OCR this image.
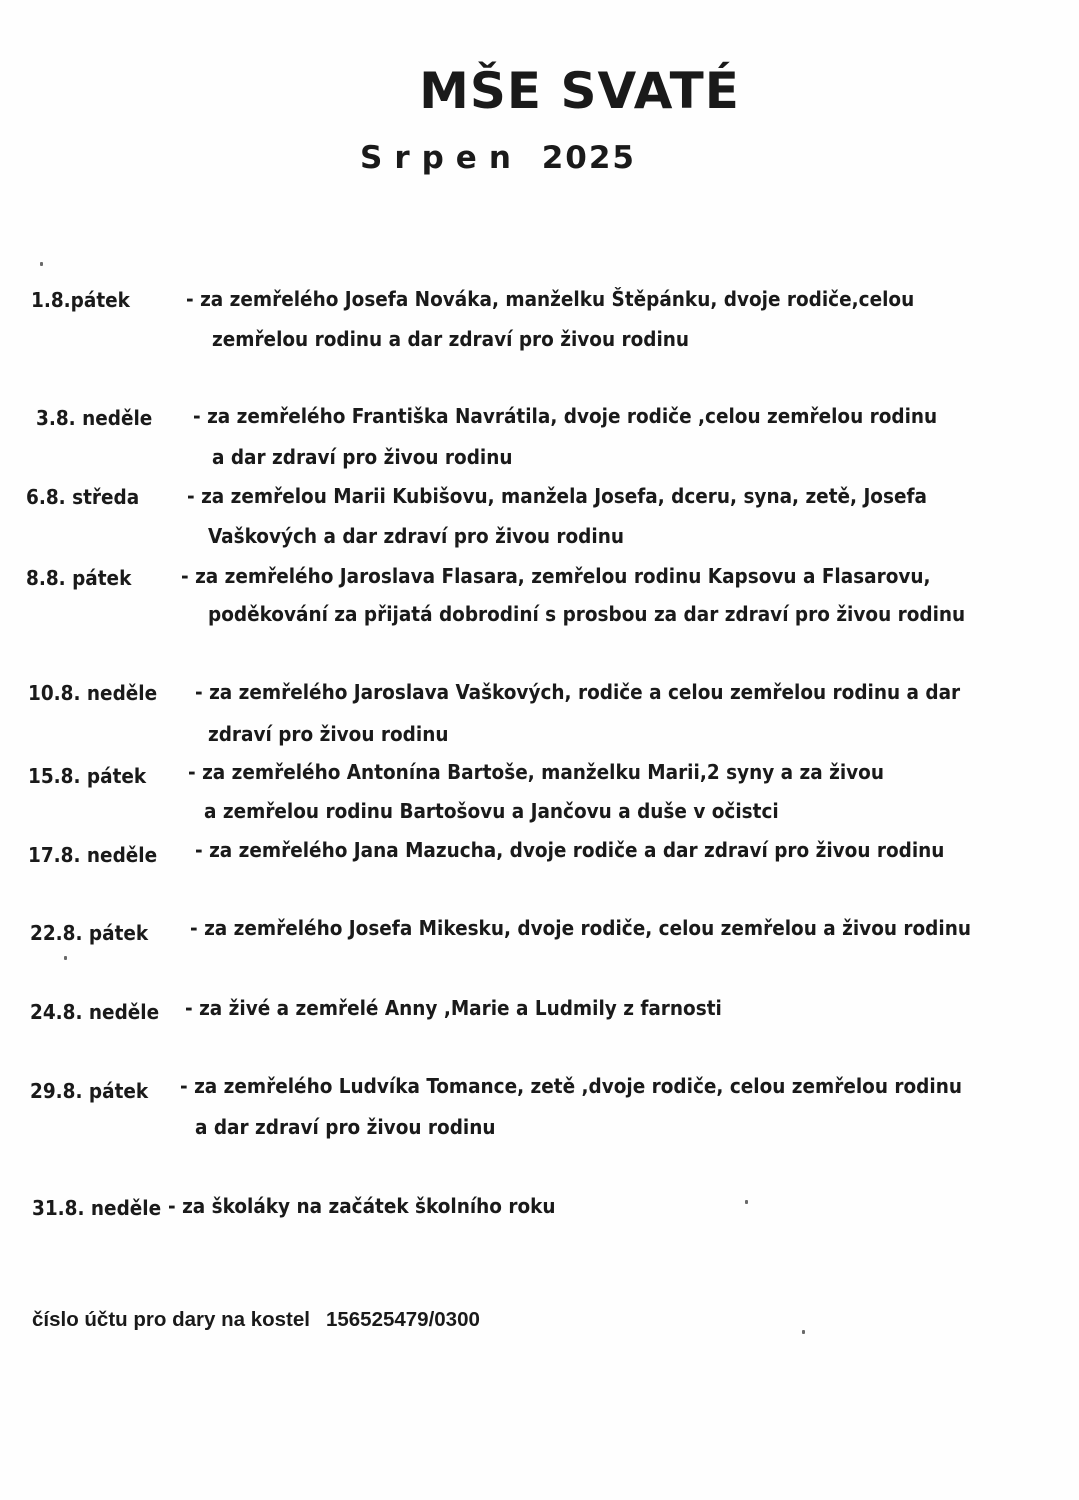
MŠE SVATÉ
Srpen 2025
1.8.pátek	- za zemřelého Josefa Nováka, manželku Štěpánku, dvoje rodiče,celou
zemřelou rodinu a dar zdraví pro živou rodinu
3.8. neděle - za zemřelého Františka Navrátila, dvoje rodiče ,celou zemřelou rodinu
a dar zdraví pro živou rodinu
6.8. středa - za zemřelou Marii Kubišovu, manžela Josefa, dceru, syna, zetě, Josefa
Vaškových a dar zdraví pro živou rodinu
8.8. pátek - za zemřelého Jaroslava Flasara, zemřelou rodinu Kapsovu a Flasarovu,
poděkování za přijatá dobrodiní s prosbou za dar zdraví pro živou rodinu
10.8. neděle - za zemřelého Jaroslava Vaškových, rodiče a celou zemřelou rodinu a dar
zdraví pro živou rodinu
15.8. pátek - za zemřelého Antonína Bartoše, manželku Marii,2 syny a za živou
a zemřelou rodinu Bartošovu a Jančovu a duše v očistci
17.8. neděle - za zemřelého Jana Mazucha, dvoje rodiče a dar zdraví pro živou rodinu
22.8. pátek - za zemřelého Josefa Mikesku, dvoje rodiče, celou zemřelou a živou rodinu
24.8. neděle - za živé a zemřelé Anny ,Marie a Ludmily z farnosti
29.8. pátek - za zemřelého Ludvíka Tomance, zetě ,dvoje rodiče, celou zemřelou rodinu
a dar zdraví pro živou rodinu
31.8. neděle - za školáky na začátek školního roku
číslo účtu pro dary na kostel 156525479/0300
